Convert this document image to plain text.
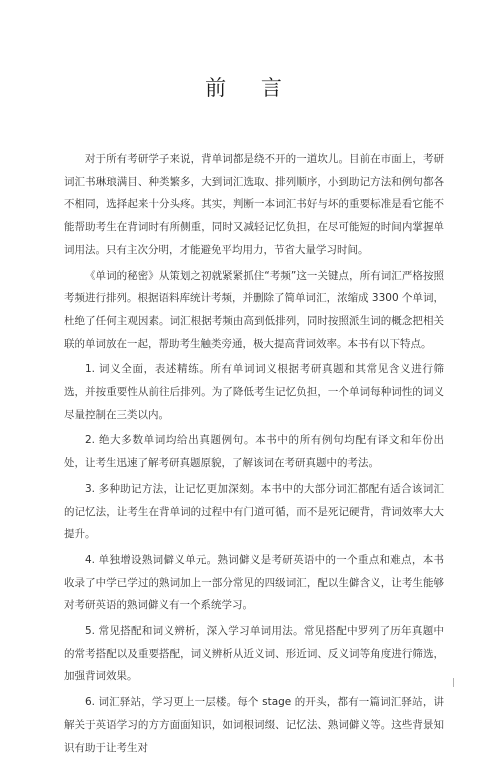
前 言

对于所有考研学子来说，背单词都是绕不开的一道坎儿。目前在市面上，考研词汇书琳琅满目、种类繁多，大到词汇选取、排列顺序，小到助记方法和例句都各不相同，选择起来十分头疼。其实，判断一本词汇书好与坏的重要标准是看它能不能帮助考生在背词时有所侧重，同时又减轻记忆负担，在尽可能短的时间内掌握单词用法。只有主次分明，才能避免平均用力，节省大量学习时间。

《单词的秘密》从策划之初就紧紧抓住“考频”这一关键点，所有词汇严格按照考频进行排列。根据语料库统计考频，并删除了简单词汇，浓缩成 3300 个单词，杜绝了任何主观因素。词汇根据考频由高到低排列，同时按照派生词的概念把相关联的单词放在一起，帮助考生触类旁通，极大提高背词效率。本书有以下特点。

1. 词义全面，表述精练。所有单词词义根据考研真题和其常见含义进行筛选，并按重要性从前往后排列。为了降低考生记忆负担，一个单词每种词性的词义尽量控制在三类以内。

2. 绝大多数单词均给出真题例句。本书中的所有例句均配有译文和年份出处，让考生迅速了解考研真题原貌，了解该词在考研真题中的考法。

3. 多种助记方法，让记忆更加深刻。本书中的大部分词汇都配有适合该词汇的记忆法，让考生在背单词的过程中有门道可循，而不是死记硬背，背词效率大大提升。

4. 单独增设熟词僻义单元。熟词僻义是考研英语中的一个重点和难点，本书收录了中学已学过的熟词加上一部分常见的四级词汇，配以生僻含义，让考生能够对考研英语的熟词僻义有一个系统学习。

5. 常见搭配和词义辨析，深入学习单词用法。常见搭配中罗列了历年真题中的常考搭配以及重要搭配，词义辨析从近义词、形近词、反义词等角度进行筛选，加强背词效果。

6. 词汇驿站，学习更上一层楼。每个 stage 的开头，都有一篇词汇驿站，讲解关于英语学习的方方面面知识，如词根词缀、记忆法、熟词僻义等。这些背景知识有助于让考生对
